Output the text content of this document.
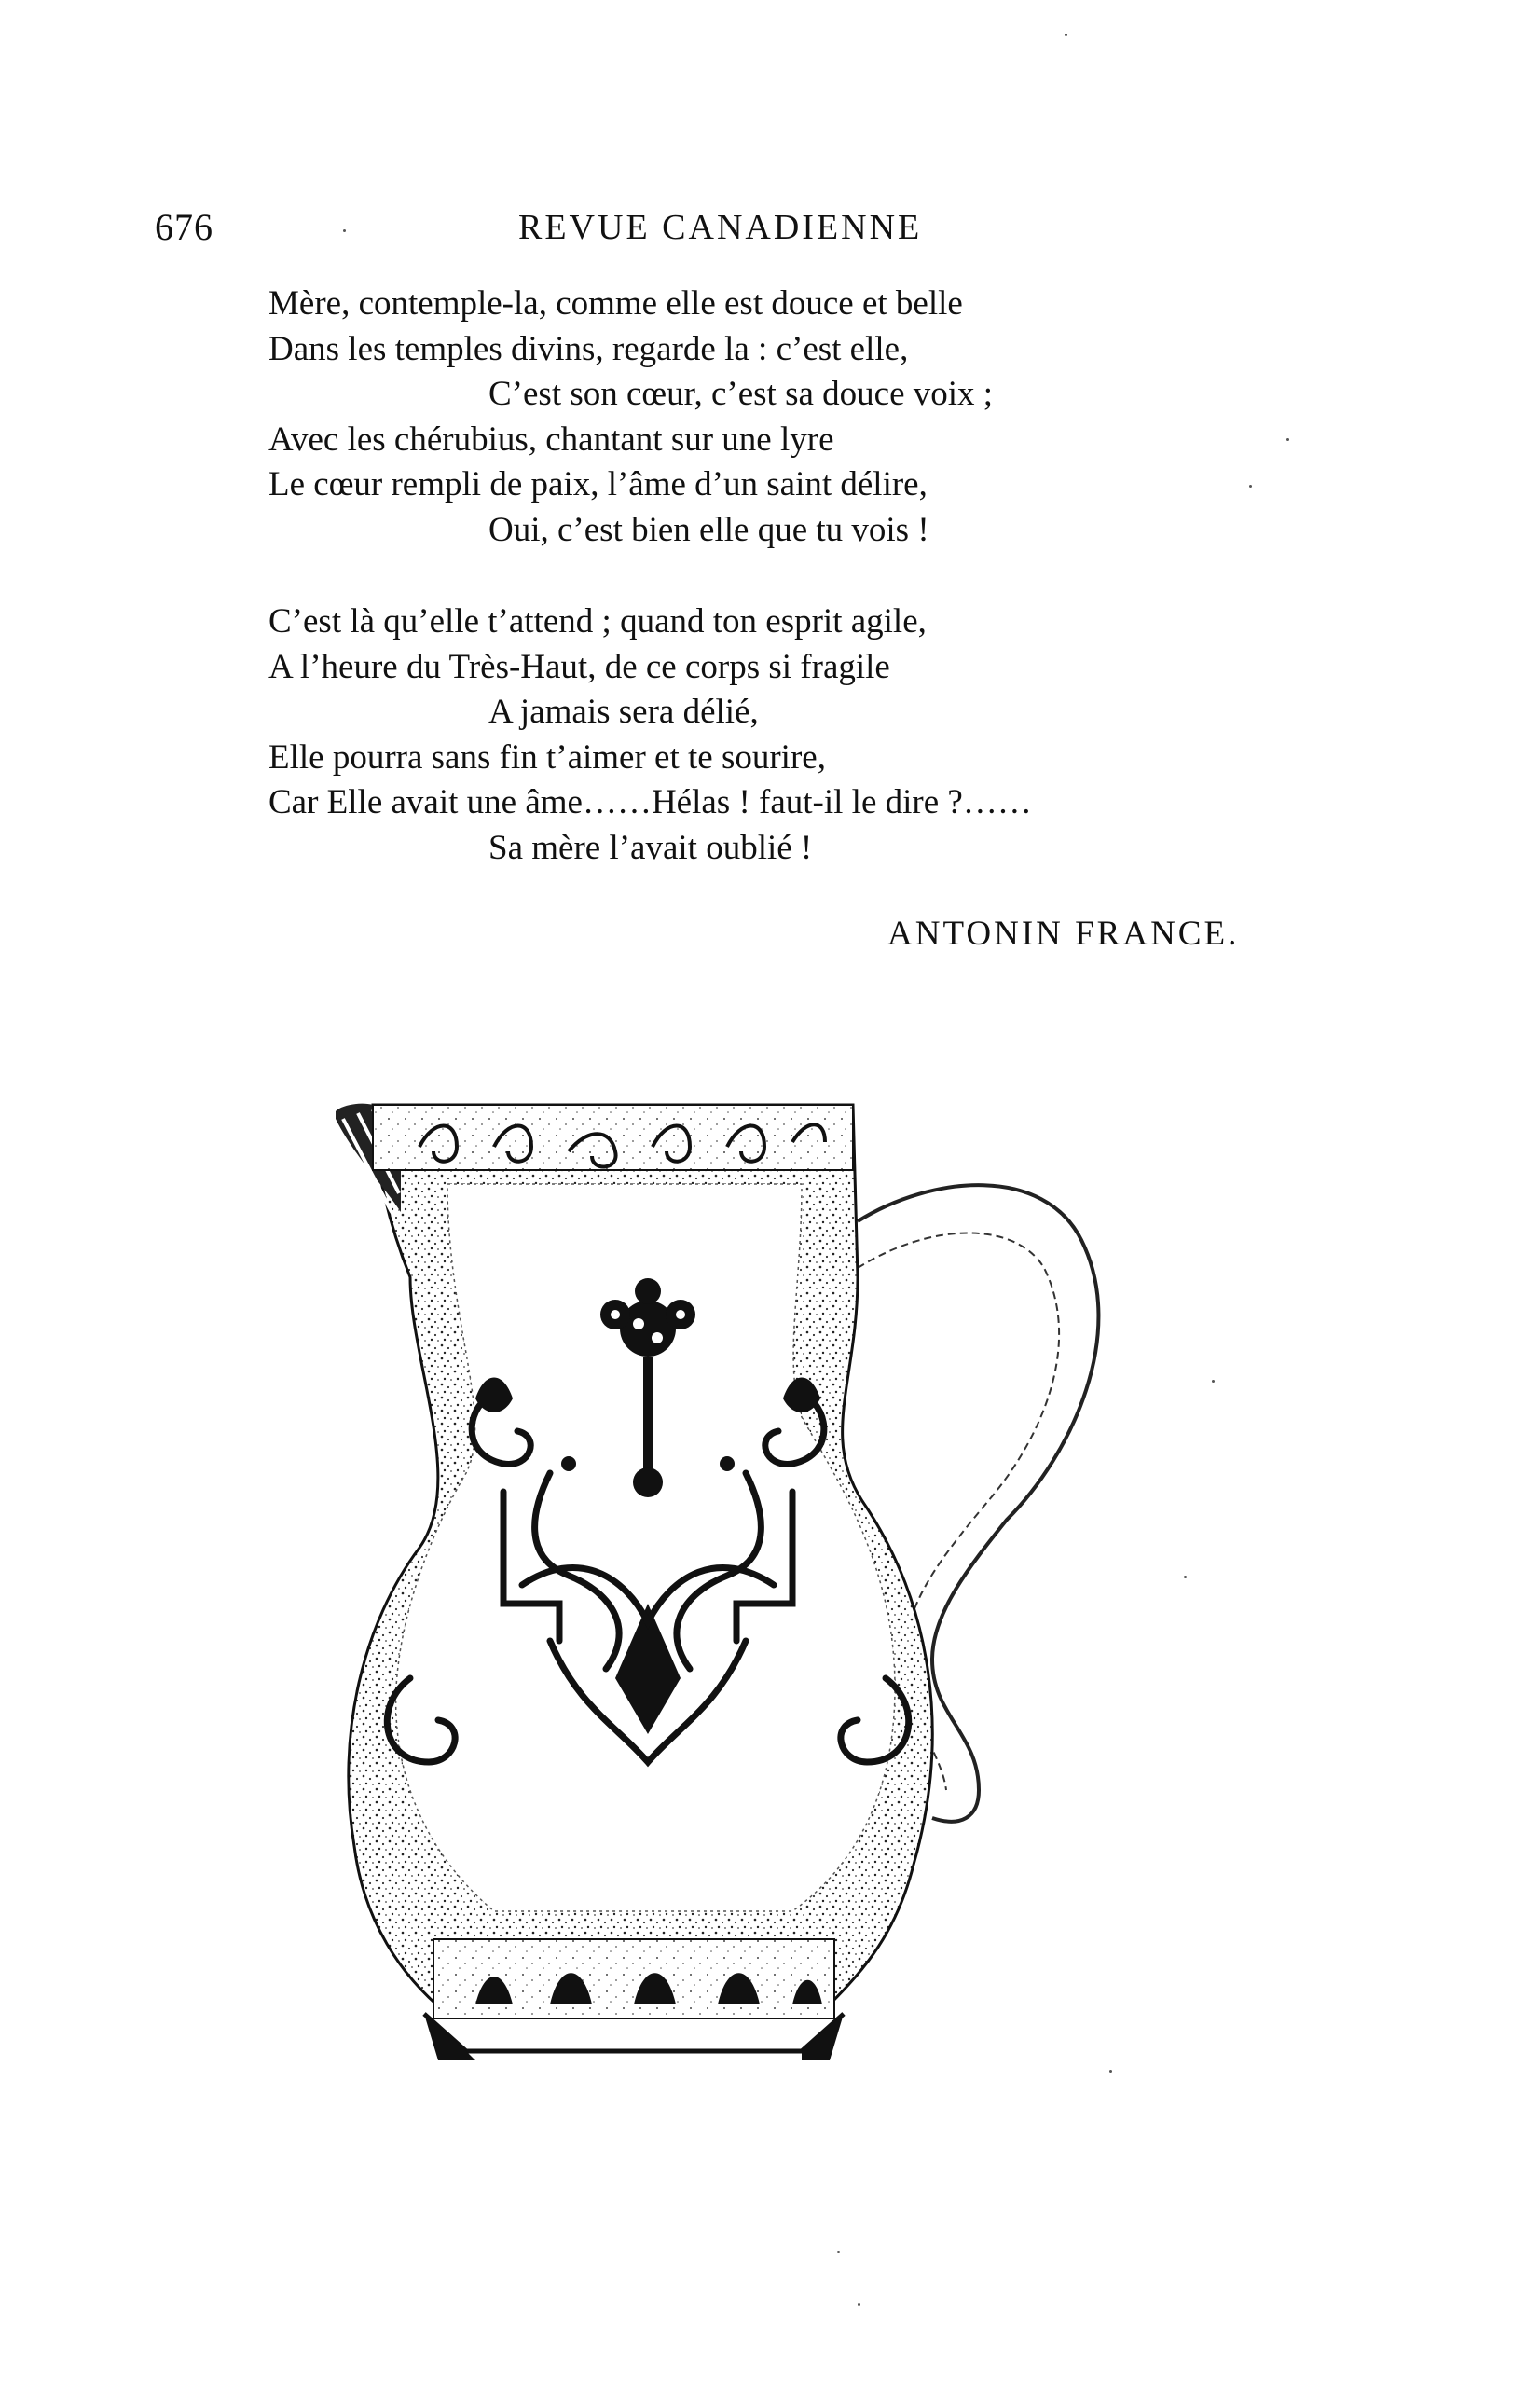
676	REVUE CANADIENNE
Mère, contemple-la, comme elle est douce et belle
Dans les temples divins, regarde la : c’est elle,
C’est son cœur, c’est sa douce voix ;
Avec les chérubius, chantant sur une lyre
Le cœur rempli de paix, l’âme d’un saint délire,
Oui, c’est bien elle que tu vois !
C’est là qu’elle t’attend ; quand ton esprit agile,
A l’heure du Très-Haut, de ce corps si fragile
A jamais sera délié,
Elle pourra sans fin t’aimer et te sourire,
Car Elle avait une âme……Hélas ! faut-il le dire ?……
Sa mère l’avait oublié !
ANTONIN FRANCE.
